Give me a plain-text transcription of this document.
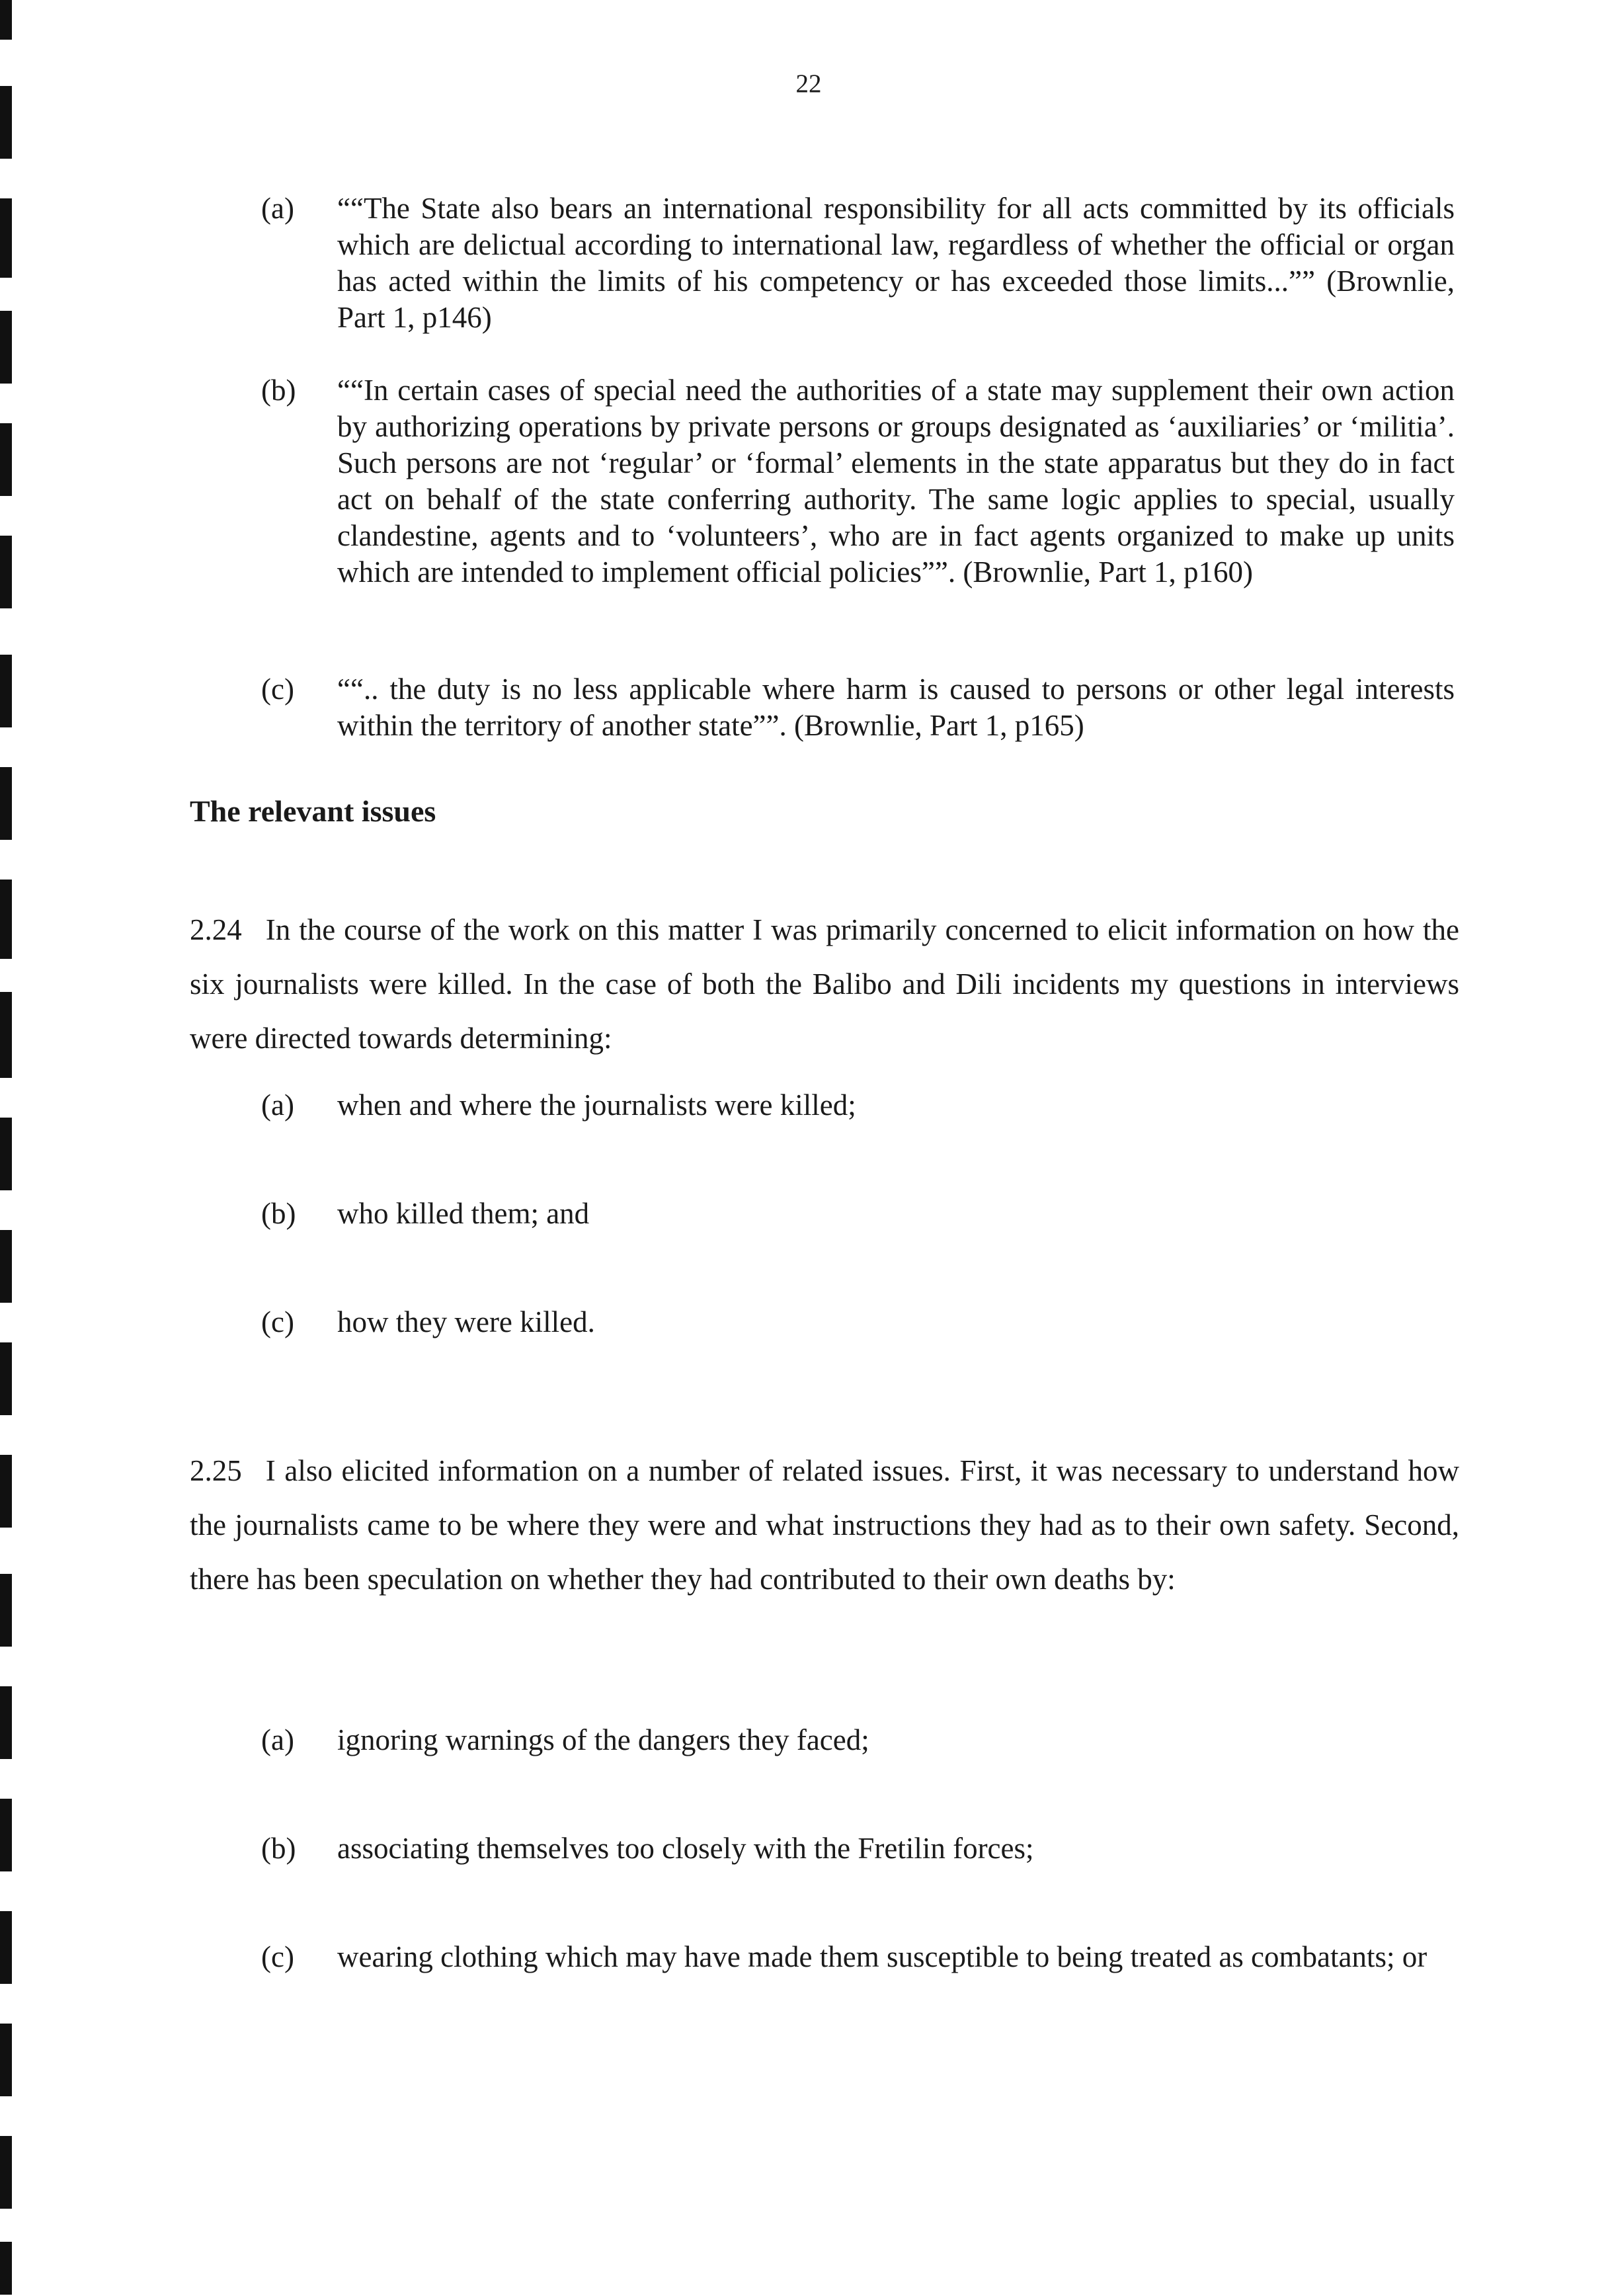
22
(a)	““The State also bears an international responsibility for all acts committed by its officials which are delictual according to international law, regardless of whether the official or organ has acted within the limits of his competency or has exceeded those limits...”” (Brownlie, Part 1, p146)
(b)	““In certain cases of special need the authorities of a state may supplement their own action by authorizing operations by private persons or groups designated as ‘auxiliaries’ or ‘militia’. Such persons are not ‘regular’ or ‘formal’ elements in the state apparatus but they do in fact act on behalf of the state conferring authority. The same logic applies to special, usually clandestine, agents and to ‘volunteers’, who are in fact agents organized to make up units which are intended to implement official policies””. (Brownlie, Part 1, p160)
(c)	““.. the duty is no less applicable where harm is caused to persons or other legal interests within the territory of another state””. (Brownlie, Part 1, p165)
The relevant issues
2.24 In the course of the work on this matter I was primarily concerned to elicit information on how the six journalists were killed. In the case of both the Balibo and Dili incidents my questions in interviews were directed towards determining:
(a)	when and where the journalists were killed;
(b)	who killed them; and
(c)	how they were killed.
2.25 I also elicited information on a number of related issues. First, it was necessary to understand how the journalists came to be where they were and what instructions they had as to their own safety. Second, there has been speculation on whether they had contributed to their own deaths by:
(a)	ignoring warnings of the dangers they faced;
(b)	associating themselves too closely with the Fretilin forces;
(c)	wearing clothing which may have made them susceptible to being treated as combatants; or
